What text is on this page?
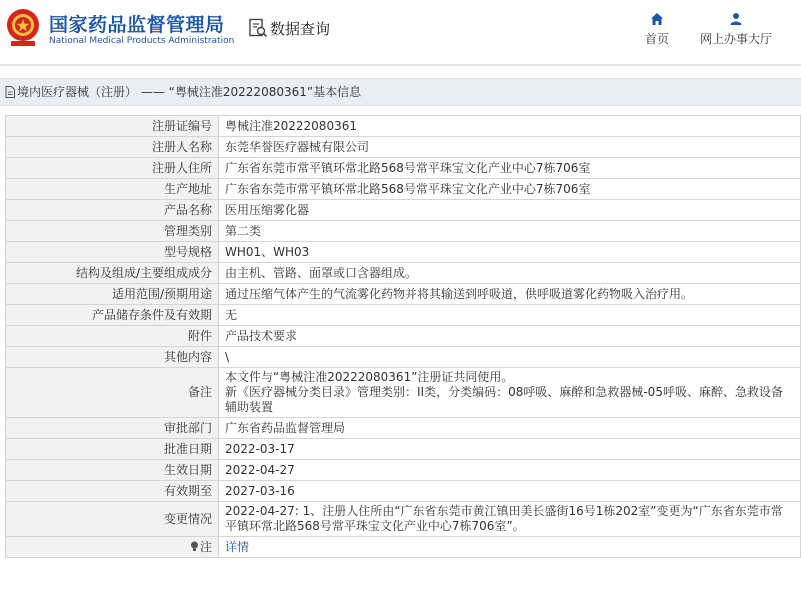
国家药品监督管理局
National Medical Products Administration
数据查询
首页	网上办事大厅
境内医疗器械（注册） —— “粤械注准20222080361”基本信息
注册证编号	粤械注准20222080361
注册人名称	东莞华誉医疗器械有限公司
注册人住所	广东省东莞市常平镇环常北路568号常平珠宝文化产业中心7栋706室
生产地址	广东省东莞市常平镇环常北路568号常平珠宝文化产业中心7栋706室
产品名称	医用压缩雾化器
管理类别	第二类
型号规格	WH01、WH03
结构及组成/主要组成成分	由主机、管路、面罩或口含器组成。
适用范围/预期用途	通过压缩气体产生的气流雾化药物并将其输送到呼吸道，供呼吸道雾化药物吸入治疗用。
产品储存条件及有效期	无
附件	产品技术要求
其他内容	\
备注	本文件与“粤械注准20222080361”注册证共同使用。
新《医疗器械分类目录》管理类别：II类，分类编码：08呼吸、麻醉和急救器械-05呼吸、麻醉、急救设备辅助装置
审批部门	广东省药品监督管理局
批准日期	2022-03-17
生效日期	2022-04-27
有效期至	2027-03-16
变更情况	2022-04-27: 1、注册人住所由“广东省东莞市黄江镇田美长盛街16号1栋202室”变更为“广东省东莞市常平镇环常北路568号常平珠宝文化产业中心7栋706室”。
注	详情
